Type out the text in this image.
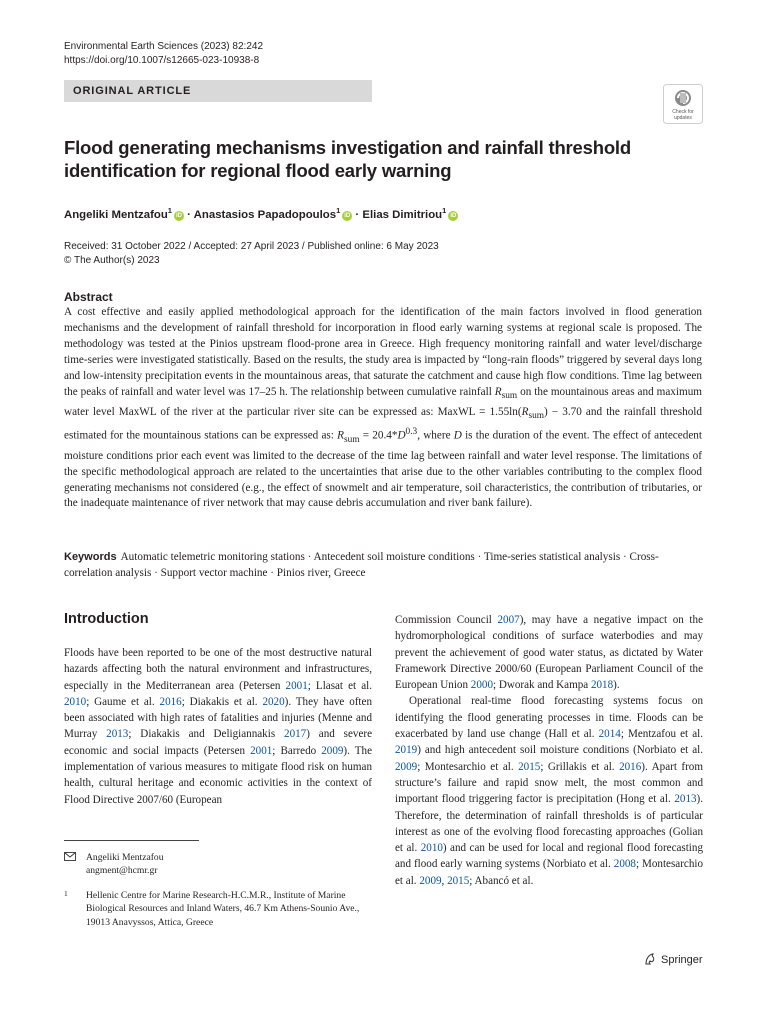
Environmental Earth Sciences (2023) 82:242
https://doi.org/10.1007/s12665-023-10938-8
ORIGINAL ARTICLE
Check for
updates
Flood generating mechanisms investigation and rainfall threshold identification for regional flood early warning
Angeliki Mentzafou$^1$iD · Anastasios Papadopoulos$^1$iD · Elias Dimitriou$^1$iD
Received: 31 October 2022 / Accepted: 27 April 2023 / Published online: 6 May 2023
© The Author(s) 2023
Abstract

A cost effective and easily applied methodological approach for the identification of the main factors involved in flood generation mechanisms and the development of rainfall threshold for incorporation in flood early warning systems at regional scale is proposed. The methodology was tested at the Pinios upstream flood-prone area in Greece. High frequency monitoring rainfall and water level/discharge time-series were investigated statistically. Based on the results, the study area is impacted by “long-rain floods” triggered by several days long and low-intensity precipitation events in the mountainous areas, that saturate the catchment and cause high flow conditions. Time lag between the peaks of rainfall and water level was 17–25 h. The relationship between cumulative rainfall $R_{sum}$ on the mountainous areas and maximum water level MaxWL of the river at the particular river site can be expressed as: MaxWL = $1.55\ln(R_{sum}) - 3.70$ and the rainfall threshold estimated for the mountainous stations can be expressed as: $R_{sum} = 20.4*D^{0.3}$, where D is the duration of the event. The effect of antecedent moisture conditions prior each event was limited to the decrease of the time lag between rainfall and water level response. The limitations of the specific methodological approach are related to the uncertainties that arise due to the other variables contributing to the complex flood generating mechanisms not considered (e.g., the effect of snowmelt and air temperature, soil characteristics, the contribution of tributaries, or the inadequate maintenance of river network that may cause debris accumulation and river bank failure).

Keywords Automatic telemetric monitoring stations · Antecedent soil moisture conditions · Time-series statistical analysis · Cross-correlation analysis · Support vector machine · Pinios river, Greece
Introduction

Floods have been reported to be one of the most destructive natural hazards affecting both the natural environment and infrastructures, especially in the Mediterranean area (Petersen 2001; Llasat et al. 2010; Gaume et al. 2016; Diakakis et al. 2020). They have often been associated with high rates of fatalities and injuries (Menne and Murray 2013; Diakakis and Deligiannakis 2017) and severe economic and social impacts (Petersen 2001; Barredo 2009). The implementation of various measures to mitigate flood risk on human health, cultural heritage and economic activities in the context of Flood Directive 2007/60 (European

Commission Council 2007), may have a negative impact on the hydromorphological conditions of surface waterbodies and may prevent the achievement of good water status, as dictated by Water Framework Directive 2000/60 (European Parliament Council of the European Union 2000; Dworak and Kampa 2018).

Operational real-time flood forecasting systems focus on identifying the flood generating processes in time. Floods can be exacerbated by land use change (Hall et al. 2014; Mentzafou et al. 2019) and high antecedent soil moisture conditions (Norbiato et al. 2009; Montesarchio et al. 2015; Grillakis et al. 2016). Apart from structure’s failure and rapid snow melt, the most common and important flood triggering factor is precipitation (Hong et al. 2013). Therefore, the determination of rainfall thresholds is of particular interest as one of the evolving flood forecasting approaches (Golian et al. 2010) and can be used for local and regional flood forecasting and flood early warning systems (Norbiato et al. 2008; Montesarchio et al. 2009, 2015; Abancó et al.

Angeliki Mentzafou
angment@hcmr.gr
1 Hellenic Centre for Marine Research-H.C.M.R., Institute of Marine Biological Resources and Inland Waters, 46.7 Km Athens-Sounio Ave., 19013 Anavyssos, Attica, Greece
Springer
